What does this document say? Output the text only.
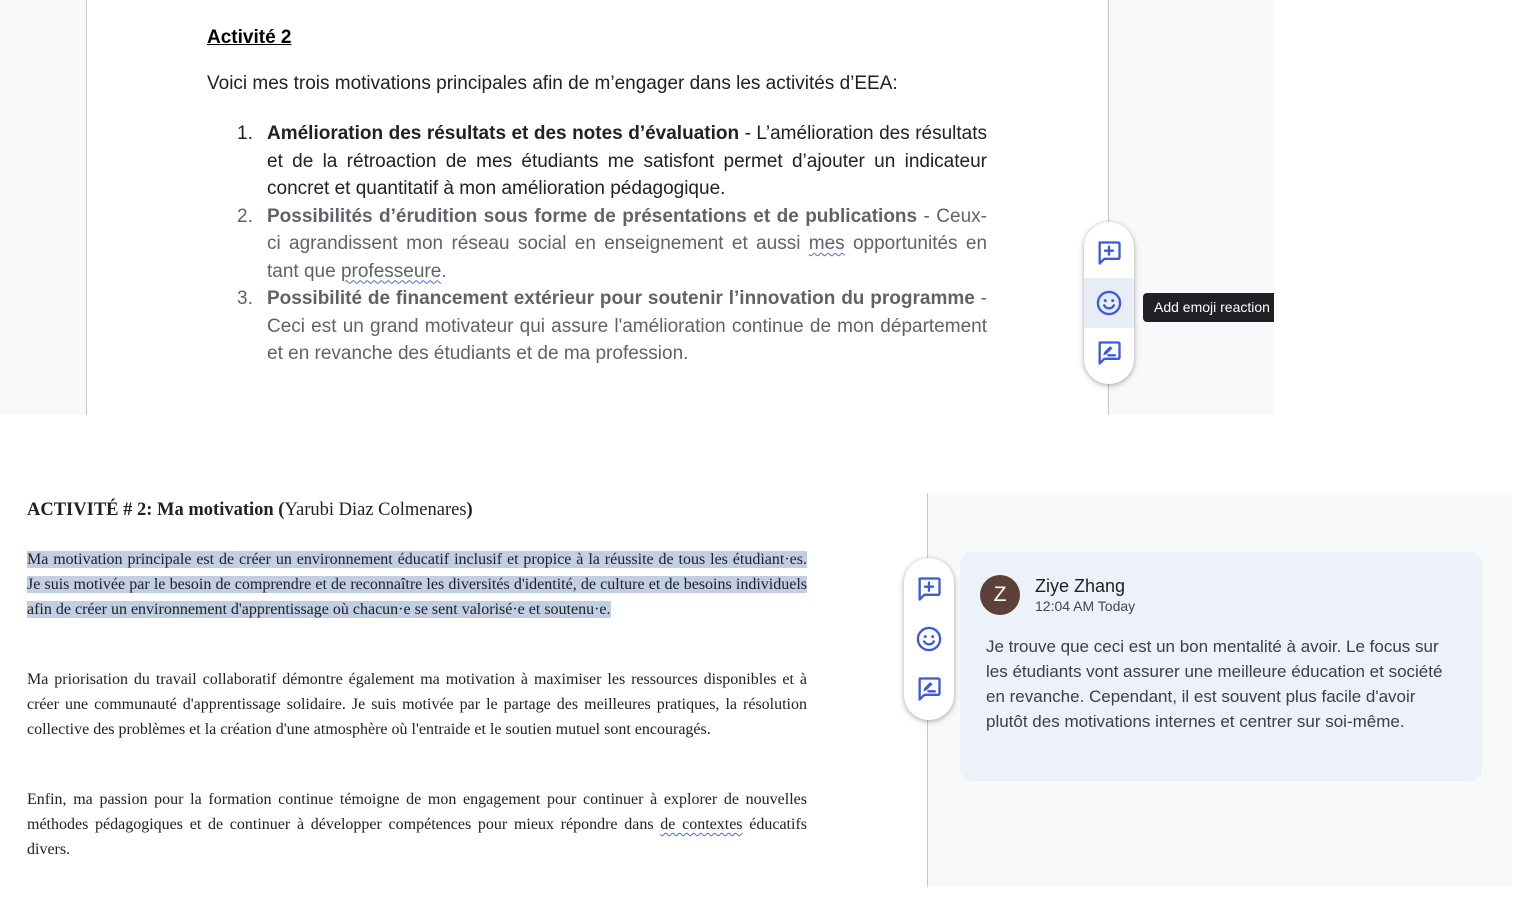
Activité 2
Voici mes trois motivations principales afin de m’engager dans les activités d’EEA:
1. Amélioration des résultats et des notes d’évaluation - L’amélioration des résultats et de la rétroaction de mes étudiants me satisfont permet d’ajouter un indicateur concret et quantitatif à mon amélioration pédagogique.
2. Possibilités d’érudition sous forme de présentations et de publications - Ceux-ci agrandissent mon réseau social en enseignement et aussi mes opportunités en tant que professeure.
3. Possibilité de financement extérieur pour soutenir l’innovation du programme - Ceci est un grand motivateur qui assure l'amélioration continue de mon département et en revanche des étudiants et de ma profession.
Add emoji reaction
ACTIVITÉ # 2: Ma motivation (Yarubi Diaz Colmenares)

Ma motivation principale est de créer un environnement éducatif inclusif et propice à la réussite de tous les étudiant·es. Je suis motivée par le besoin de comprendre et de reconnaître les diversités d'identité, de culture et de besoins individuels afin de créer un environnement d'apprentissage où chacun·e se sent valorisé·e et soutenu·e.

Ma priorisation du travail collaboratif démontre également ma motivation à maximiser les ressources disponibles et à créer une communauté d'apprentissage solidaire. Je suis motivée par le partage des meilleures pratiques, la résolution collective des problèmes et la création d'une atmosphère où l'entraide et le soutien mutuel sont encouragés.

Enfin, ma passion pour la formation continue témoigne de mon engagement pour continuer à explorer de nouvelles méthodes pédagogiques et de continuer à développer compétences pour mieux répondre dans de contextes éducatifs divers.

Z	Ziye Zhang
12:04 AM Today

Je trouve que ceci est un bon mentalité à avoir. Le focus sur les étudiants vont assurer une meilleure éducation et société en revanche. Cependant, il est souvent plus facile d'avoir plutôt des motivations internes et centrer sur soi-même.
